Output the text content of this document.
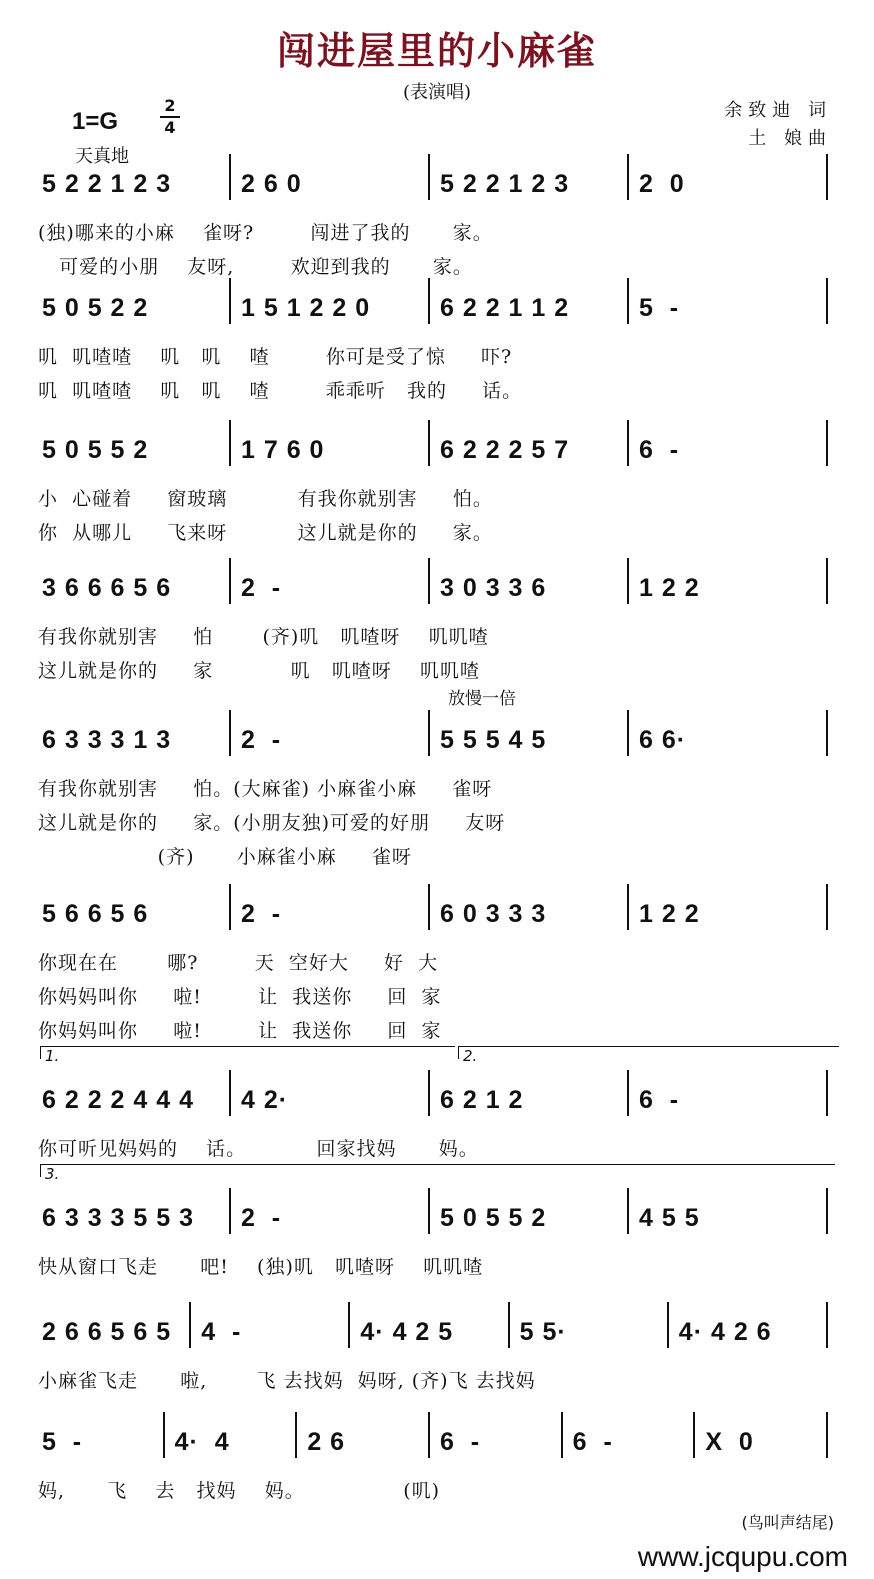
闯进屋里的小麻雀
(表演唱)
1=G
2
4
天真地
余致迪 词
土 娘曲
5 2 2 1 2 3	2 6 0	5 2 2 1 2 3	2  0
(独)哪来的小麻    雀呀?        闯进了我的      家。
可爱的小朋    友呀,        欢迎到我的      家。
5 0 5 2 2	1 5 1 2 2 0	6 2 2 1 1 2	5  -
叽  叽喳喳    叽   叽    喳        你可是受了惊     吓?
叽  叽喳喳    叽   叽    喳        乖乖听   我的     话。
5 0 5 5 2	1 7 6 0	6 2 2 2 5 7	6  -
小  心碰着     窗玻璃          有我你就别害     怕。
你  从哪儿     飞来呀          这儿就是你的     家。
3 6 6 6 5 6	2  -	3 0 3 3 6	1 2 2
有我你就别害     怕       (齐)叽   叽喳呀    叽叽喳
这儿就是你的     家           叽   叽喳呀    叽叽喳
6 3 3 3 1 3	2  -	5 5 5 4 5	6 6·
放慢一倍
有我你就别害     怕。(大麻雀) 小麻雀小麻     雀呀
这儿就是你的     家。(小朋友独)可爱的好朋     友呀
(齐)      小麻雀小麻     雀呀
5 6 6 5 6	2  -	6 0 3 3 3	1 2 2
你现在在       哪?        天  空好大     好  大
你妈妈叫你     啦!        让  我送你     回  家
你妈妈叫你     啦!        让  我送你     回  家
6 2 2 2 4 4 4 4 2·	6 2 1 2	6  -
1.	2.
你可听见妈妈的    话。          回家找妈      妈。
6 3 3 3 5 5 3 2  -	5 0 5 5 2	4 5 5
3.
快从窗口飞走      吧!    (独)叽   叽喳呀    叽叽喳
2 6 6 5 6 5 4  -	4· 4 2 5	5 5·	4· 4 2 6
小麻雀飞走      啦,       飞 去找妈  妈呀, (齐)飞 去找妈
5  -	4·  4	2 6	6  -	6  -	X  0
妈,      飞    去   找妈    妈。              (叽)
(鸟叫声结尾)
www.jcqupu.com
